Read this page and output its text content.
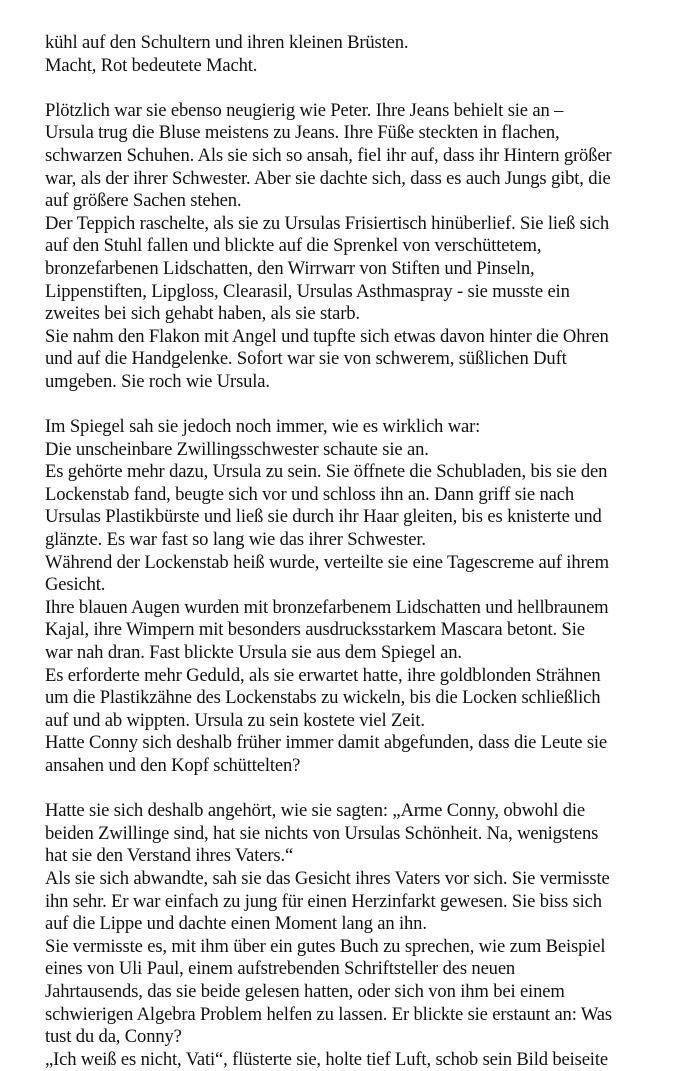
kühl auf den Schultern und ihren kleinen Brüsten.
Macht, Rot bedeutete Macht.
Plötzlich war sie ebenso neugierig wie Peter. Ihre Jeans behielt sie an –
Ursula trug die Bluse meistens zu Jeans. Ihre Füße steckten in flachen,
schwarzen Schuhen. Als sie sich so ansah, fiel ihr auf, dass ihr Hintern größer
war, als der ihrer Schwester. Aber sie dachte sich, dass es auch Jungs gibt, die
auf größere Sachen stehen.
Der Teppich raschelte, als sie zu Ursulas Frisiertisch hinüberlief. Sie ließ sich
auf den Stuhl fallen und blickte auf die Sprenkel von verschüttetem,
bronzefarbenen Lidschatten, den Wirrwarr von Stiften und Pinseln,
Lippenstiften, Lipgloss, Clearasil, Ursulas Asthmaspray - sie musste ein
zweites bei sich gehabt haben, als sie starb.
Sie nahm den Flakon mit Angel und tupfte sich etwas davon hinter die Ohren
und auf die Handgelenke. Sofort war sie von schwerem, süßlichen Duft
umgeben. Sie roch wie Ursula.
Im Spiegel sah sie jedoch noch immer, wie es wirklich war:
Die unscheinbare Zwillingsschwester schaute sie an.
Es gehörte mehr dazu, Ursula zu sein. Sie öffnete die Schubladen, bis sie den
Lockenstab fand, beugte sich vor und schloss ihn an. Dann griff sie nach
Ursulas Plastikbürste und ließ sie durch ihr Haar gleiten, bis es knisterte und
glänzte. Es war fast so lang wie das ihrer Schwester.
Während der Lockenstab heiß wurde, verteilte sie eine Tagescreme auf ihrem
Gesicht.
Ihre blauen Augen wurden mit bronzefarbenem Lidschatten und hellbraunem
Kajal, ihre Wimpern mit besonders ausdrucksstarkem Mascara betont. Sie
war nah dran. Fast blickte Ursula sie aus dem Spiegel an.
Es erforderte mehr Geduld, als sie erwartet hatte, ihre goldblonden Strähnen
um die Plastikzähne des Lockenstabs zu wickeln, bis die Locken schließlich
auf und ab wippten. Ursula zu sein kostete viel Zeit.
Hatte Conny sich deshalb früher immer damit abgefunden, dass die Leute sie
ansahen und den Kopf schüttelten?
Hatte sie sich deshalb angehört, wie sie sagten: „Arme Conny, obwohl die
beiden Zwillinge sind, hat sie nichts von Ursulas Schönheit. Na, wenigstens
hat sie den Verstand ihres Vaters.“
Als sie sich abwandte, sah sie das Gesicht ihres Vaters vor sich. Sie vermisste
ihn sehr. Er war einfach zu jung für einen Herzinfarkt gewesen. Sie biss sich
auf die Lippe und dachte einen Moment lang an ihn.
Sie vermisste es, mit ihm über ein gutes Buch zu sprechen, wie zum Beispiel
eines von Uli Paul, einem aufstrebenden Schriftsteller des neuen
Jahrtausends, das sie beide gelesen hatten, oder sich von ihm bei einem
schwierigen Algebra Problem helfen zu lassen. Er blickte sie erstaunt an: Was
tust du da, Conny?
„Ich weiß es nicht, Vati“, flüsterte sie, holte tief Luft, schob sein Bild beiseite
